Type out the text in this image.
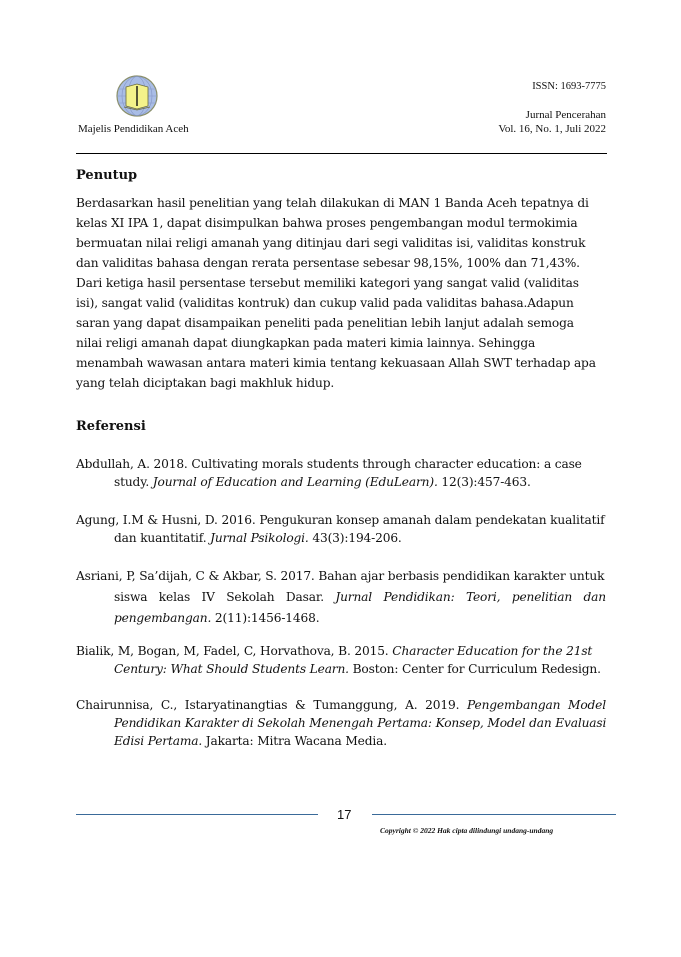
Majelis Pendidikan Aceh
ISSN: 1693-7775
Jurnal Pencerahan
Vol. 16, No. 1, Juli 2022
Penutup
Berdasarkan hasil penelitian yang telah dilakukan di MAN 1 Banda Aceh tepatnya di
kelas XI IPA 1, dapat disimpulkan bahwa proses pengembangan modul termokimia
bermuatan nilai religi amanah yang ditinjau dari segi validitas isi, validitas konstruk
dan validitas bahasa dengan rerata persentase sebesar 98,15%, 100% dan 71,43%.
Dari ketiga hasil persentase tersebut memiliki kategori yang sangat valid (validitas
isi), sangat valid (validitas kontruk) dan cukup valid pada validitas bahasa.Adapun
saran yang dapat disampaikan peneliti pada penelitian lebih lanjut adalah semoga
nilai religi amanah dapat diungkapkan pada materi kimia lainnya. Sehingga
menambah wawasan antara materi kimia tentang kekuasaan Allah SWT terhadap apa
yang telah diciptakan bagi makhluk hidup.
Referensi
Abdullah, A. 2018. Cultivating morals students through character education: a case
study. Journal of Education and Learning (EduLearn). 12(3):457-463.
Agung, I.M & Husni, D. 2016. Pengukuran konsep amanah dalam pendekatan kualitatif
dan kuantitatif. Jurnal Psikologi. 43(3):194-206.
Asriani, P, Sa’dijah, C & Akbar, S. 2017. Bahan ajar berbasis pendidikan karakter untuk
siswa kelas IV Sekolah Dasar. Jurnal Pendidikan: Teori, penelitian dan
pengembangan. 2(11):1456-1468.
Bialik, M, Bogan, M, Fadel, C, Horvathova, B. 2015. Character Education for the 21st
Century: What Should Students Learn. Boston: Center for Curriculum Redesign.
Chairunnisa, C., Istaryatinangtias & Tumanggung, A. 2019. Pengembangan Model
Pendidikan Karakter di Sekolah Menengah Pertama: Konsep, Model dan Evaluasi
Edisi Pertama. Jakarta: Mitra Wacana Media.
17
Copyright © 2022 Hak cipta dilindungi undang-undang
